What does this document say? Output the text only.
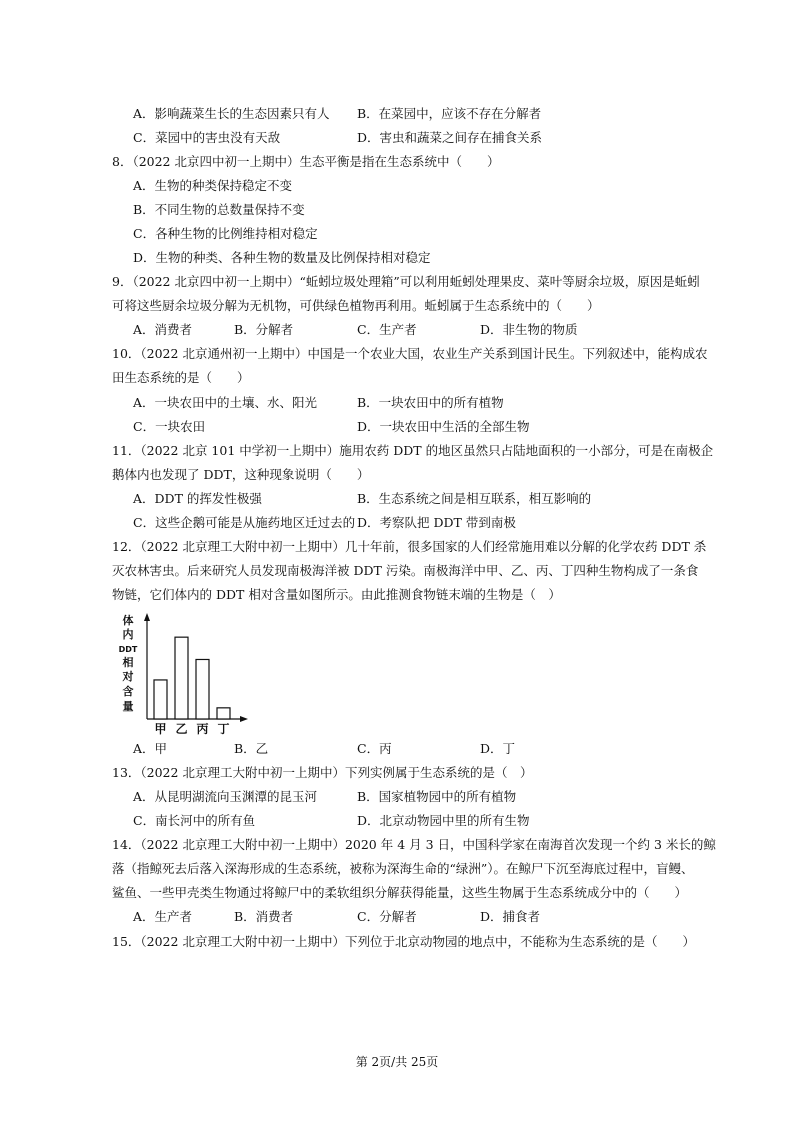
A．影响蔬菜生长的生态因素只有人 B．在菜园中，应该不存在分解者
C．菜园中的害虫没有天敌	D．害虫和蔬菜之间存在捕食关系
8．（2022 北京四中初一上期中）生态平衡是指在生态系统中（　　）
A．生物的种类保持稳定不变
B．不同生物的总数量保持不变
C．各种生物的比例维持相对稳定
D．生物的种类、各种生物的数量及比例保持相对稳定
9．（2022 北京四中初一上期中）“蚯蚓垃圾处理箱”可以利用蚯蚓处理果皮、菜叶等厨余垃圾，原因是蚯蚓
可将这些厨余垃圾分解为无机物，可供绿色植物再利用。蚯蚓属于生态系统中的（　　）
A．消费者	B．分解者	C．生产者	D．非生物的物质
10．（2022 北京通州初一上期中）中国是一个农业大国，农业生产关系到国计民生。下列叙述中，能构成农
田生态系统的是（　　）
A．一块农田中的土壤、水、阳光	B．一块农田中的所有植物
C．一块农田	D．一块农田中生活的全部生物
11．（2022 北京 101 中学初一上期中）施用农药 DDT 的地区虽然只占陆地面积的一小部分，可是在南极企
鹅体内也发现了 DDT，这种现象说明（　　）
A．DDT 的挥发性极强	B．生态系统之间是相互联系，相互影响的
C．这些企鹅可能是从施药地区迁过去的 D．考察队把 DDT 带到南极
12．（2022 北京理工大附中初一上期中）几十年前，很多国家的人们经常施用难以分解的化学农药 DDT 杀
灭农林害虫。后来研究人员发现南极海洋被 DDT 污染。南极海洋中甲、乙、丙、丁四种生物构成了一条食
物链，它们体内的 DDT 相对含量如图所示。由此推测食物链末端的生物是（　）
体
内
DDT
相
对
含
量
甲 乙 丙 丁
A．甲	B．乙	C．丙	D．丁
13．（2022 北京理工大附中初一上期中）下列实例属于生态系统的是（　）
A．从昆明湖流向玉渊潭的昆玉河	B．国家植物园中的所有植物
C．南长河中的所有鱼	D．北京动物园中里的所有生物
14．（2022 北京理工大附中初一上期中）2020 年 4 月 3 日，中国科学家在南海首次发现一个约 3 米长的鲸
落（指鲸死去后落入深海形成的生态系统，被称为深海生命的“绿洲”）。在鲸尸下沉至海底过程中，盲鳗、
鲨鱼、一些甲壳类生物通过将鲸尸中的柔软组织分解获得能量，这些生物属于生态系统成分中的（　　）
A．生产者	B．消费者	C．分解者	D．捕食者
15．（2022 北京理工大附中初一上期中）下列位于北京动物园的地点中，不能称为生态系统的是（　　）
第 2页/共 25页
